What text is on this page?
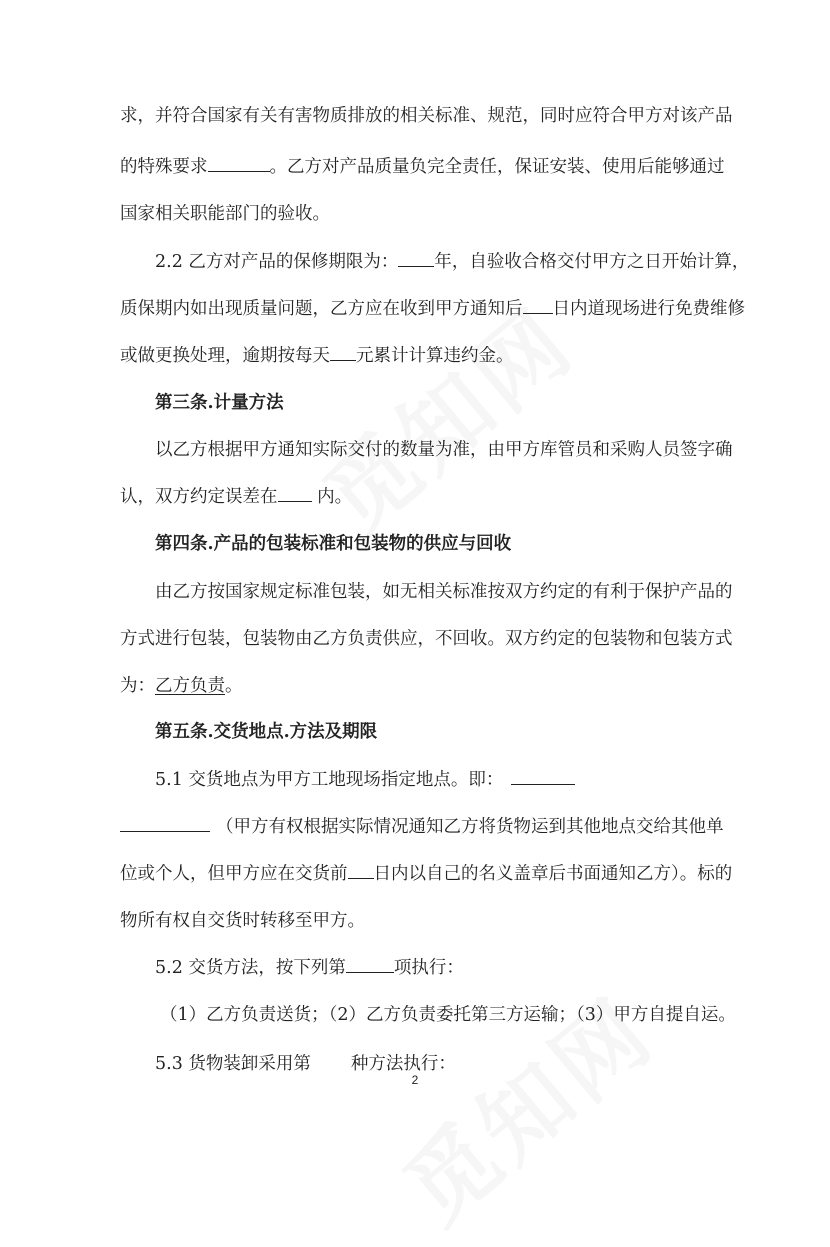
求，并符合国家有关有害物质排放的相关标准、规范，同时应符合甲方对该产品
的特殊要求	。乙方对产品质量负完全责任，保证安装、使用后能够通过
国家相关职能部门的验收。
2.2 乙方对产品的保修期限为： 年，自验收合格交付甲方之日开始计算，
质保期内如出现质量问题，乙方应在收到甲方通知后 日内道现场进行免费维修
或做更换处理，逾期按每天 元累计计算违约金。
第三条.计量方法
以乙方根据甲方通知实际交付的数量为准，由甲方库管员和采购人员签字确
认，双方约定误差在 内。
第四条.产品的包装标准和包装物的供应与回收
由乙方按国家规定标准包装，如无相关标准按双方约定的有利于保护产品的
方式进行包装，包装物由乙方负责供应，不回收。双方约定的包装物和包装方式
为：乙方负责。
第五条.交货地点.方法及期限
5.1 交货地点为甲方工地现场指定地点。即：
（甲方有权根据实际情况通知乙方将货物运到其他地点交给其他单
位或个人，但甲方应在交货前 日内以自己的名义盖章后书面通知乙方）。标的
物所有权自交货时转移至甲方。
5.2 交货方法，按下列第	项执行：
（1）乙方负责送货；（2）乙方负责委托第三方运输；（3）甲方自提自运。
5.3 货物装卸采用第 种方法执行：
2
